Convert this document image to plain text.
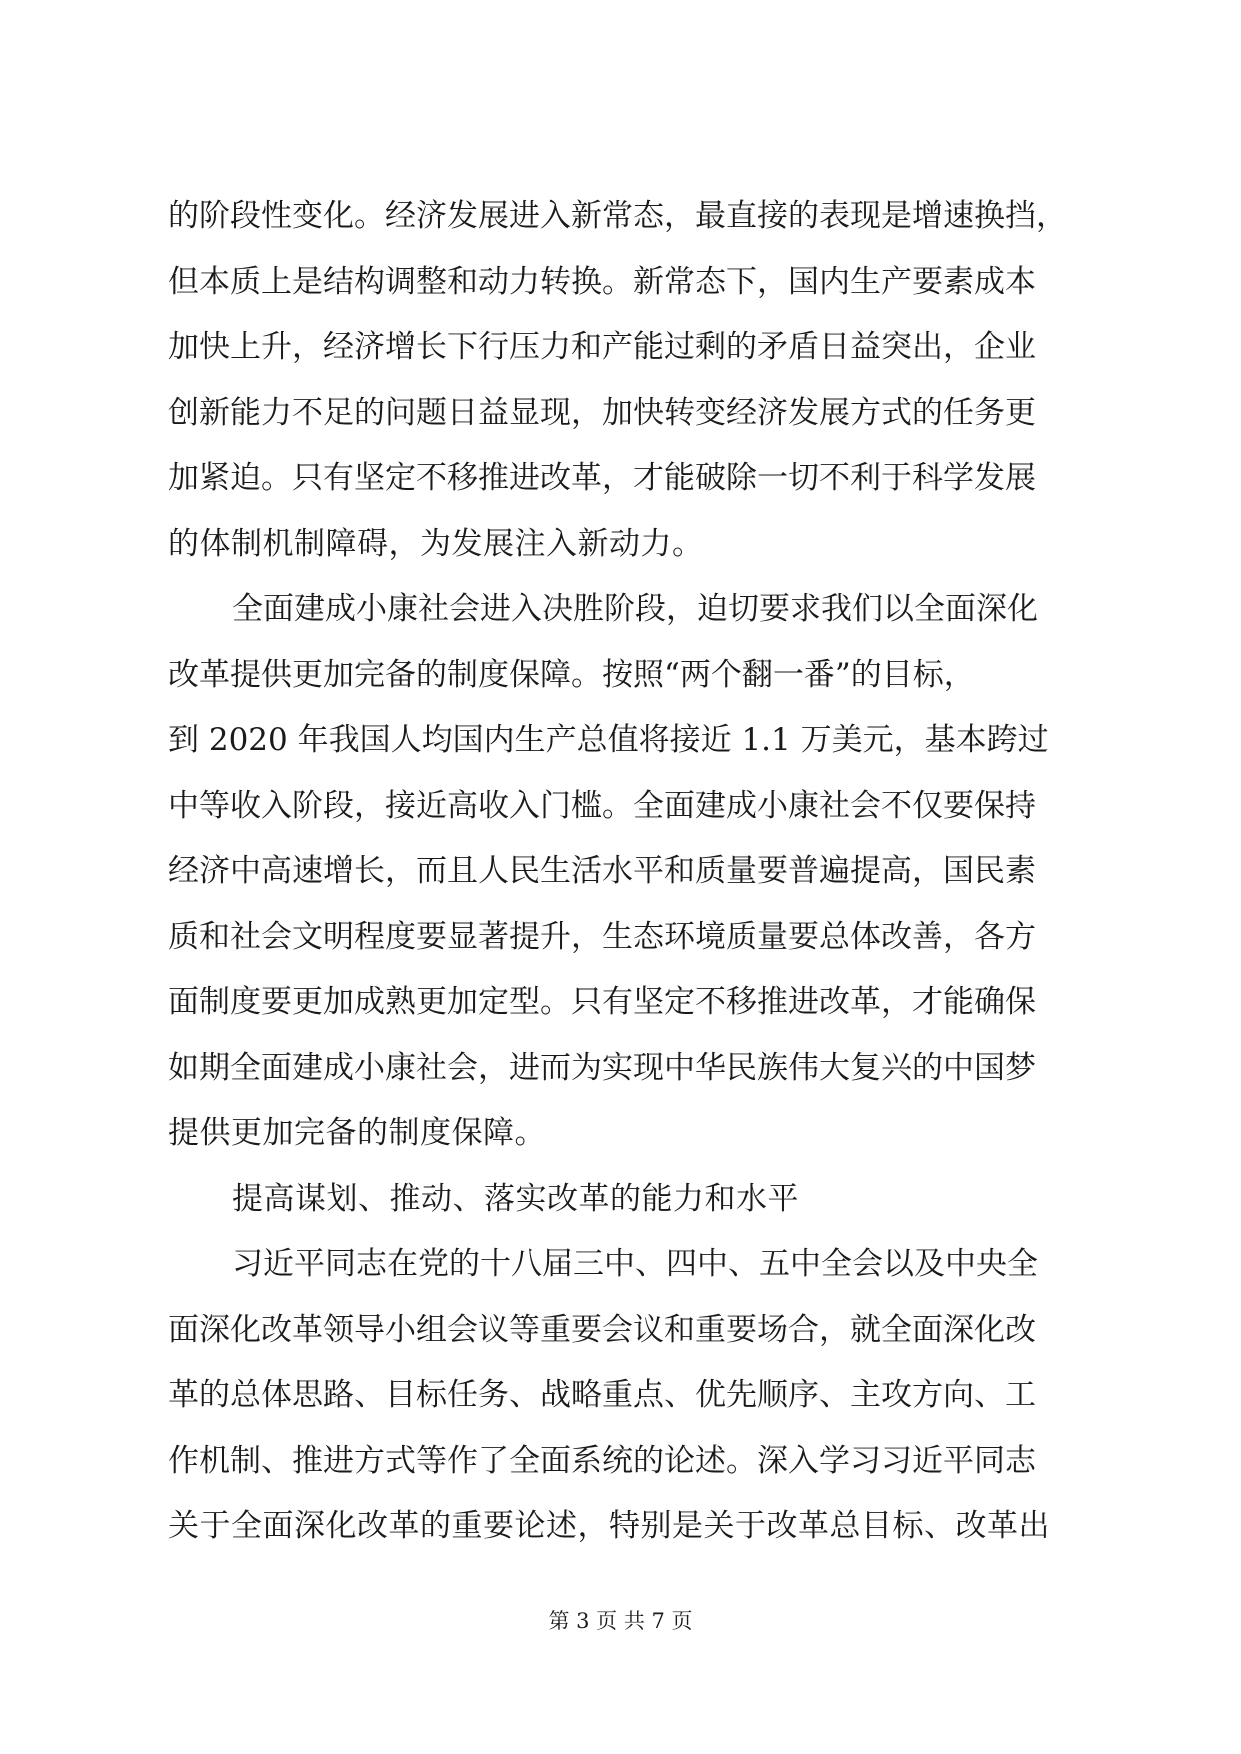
的阶段性变化。经济发展进入新常态，最直接的表现是增速换挡，
但本质上是结构调整和动力转换。新常态下，国内生产要素成本
加快上升，经济增长下行压力和产能过剩的矛盾日益突出，企业
创新能力不足的问题日益显现，加快转变经济发展方式的任务更
加紧迫。只有坚定不移推进改革，才能破除一切不利于科学发展
的体制机制障碍，为发展注入新动力。
全面建成小康社会进入决胜阶段，迫切要求我们以全面深化
改革提供更加完备的制度保障。按照“两个翻一番”的目标，
到 2020 年我国人均国内生产总值将接近 1.1 万美元，基本跨过
中等收入阶段，接近高收入门槛。全面建成小康社会不仅要保持
经济中高速增长，而且人民生活水平和质量要普遍提高，国民素
质和社会文明程度要显著提升，生态环境质量要总体改善，各方
面制度要更加成熟更加定型。只有坚定不移推进改革，才能确保
如期全面建成小康社会，进而为实现中华民族伟大复兴的中国梦
提供更加完备的制度保障。
提高谋划、推动、落实改革的能力和水平
习近平同志在党的十八届三中、四中、五中全会以及中央全
面深化改革领导小组会议等重要会议和重要场合，就全面深化改
革的总体思路、目标任务、战略重点、优先顺序、主攻方向、工
作机制、推进方式等作了全面系统的论述。深入学习习近平同志
关于全面深化改革的重要论述，特别是关于改革总目标、改革出
第 3 页 共 7 页
